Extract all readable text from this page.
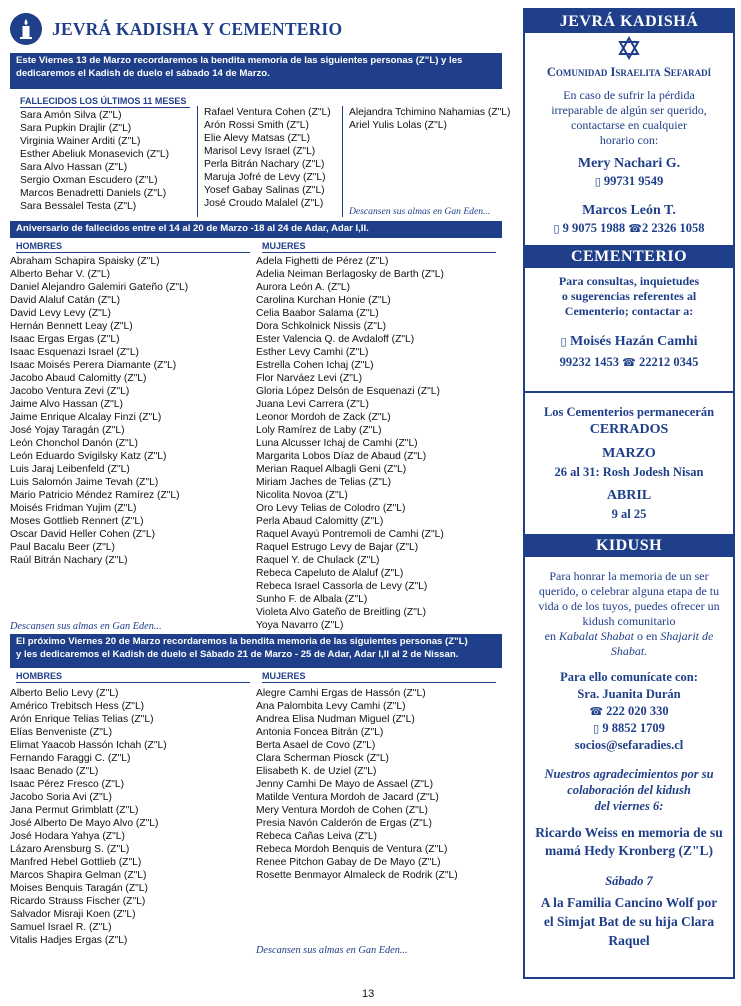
JEVRÁ KADISHA Y CEMENTERIO
Este Viernes 13 de Marzo recordaremos la bendita memoria de las siguientes personas (Z"L) y les
dedicaremos el Kadish de duelo el sábado 14 de Marzo.
FALLECIDOS LOS ÚLTIMOS 11 MESES
Sara Amón Silva (Z"L)
Sara Pupkin Drajlir (Z"L)
Virginia Wainer Arditi (Z"L)
Esther Abeliuk Monasevich (Z"L)
Sara Alvo Hassan (Z"L)
Sergio Oxman Escudero (Z"L)
Marcos Benadretti Daniels (Z"L)
Sara Bessalel Testa (Z"L)
Rafael Ventura Cohen (Z"L)
Arón Rossi Smith (Z"L)
Elie Alevy Matsas (Z"L)
Marisol Levy Israel (Z"L)
Perla Bitrán Nachary (Z"L)
Maruja Jofré de Levy (Z"L)
Yosef Gabay Salinas (Z"L)
José Croudo Malalel (Z"L)
Alejandra Tchimino Nahamias (Z"L)
Ariel Yulis Lolas (Z"L)
Descansen sus almas en Gan Eden...
Aniversario de fallecidos entre el 14 al 20 de Marzo -18 al 24 de Adar, Adar I,II.
HOMBRES
Abraham Schapira Spaisky (Z"L)
Alberto Behar V. (Z"L)
Daniel Alejandro Galemiri Gateño (Z"L)
David Alaluf Catán (Z"L)
David Levy Levy (Z"L)
Hernán Bennett Leay (Z"L)
Isaac Ergas Ergas (Z"L)
Isaac Esquenazi Israel (Z"L)
Isaac Moisés Perera Diamante (Z"L)
Jacobo Abaud Calomitty (Z"L)
Jacobo Ventura Zevi (Z"L)
Jaime Alvo Hassan (Z"L)
Jaime Enrique Alcalay Finzi (Z"L)
José Yojay Taragán (Z"L)
León Chonchol Danón (Z"L)
León Eduardo Svigilsky Katz (Z"L)
Luis Jaraj Leibenfeld (Z"L)
Luis Salomón Jaime Tevah (Z"L)
Mario Patricio Méndez Ramírez (Z"L)
Moisés Fridman Yujim (Z"L)
Moses Gottlieb Rennert (Z"L)
Oscar David Heller Cohen (Z"L)
Paul Bacalu Beer (Z"L)
Raúl Bitrán Nachary (Z"L)
Descansen sus almas en Gan Eden...
MUJERES
Adela Fighetti de Pérez (Z"L)
Adelia Neiman Berlagosky de Barth (Z"L)
Aurora León A. (Z"L)
Carolina Kurchan Honie (Z"L)
Celia Baabor Salama (Z"L)
Dora Schkolnick Nissis (Z"L)
Ester Valencia Q. de Avdaloff (Z"L)
Esther Levy Camhi (Z"L)
Estrella Cohen Ichaj (Z"L)
Flor Narváez Levi (Z"L)
Gloria López Delsón de Esquenazi (Z"L)
Juana Levi Carrera (Z"L)
Leonor Mordoh de Zack (Z"L)
Loly Ramírez de Laby (Z"L)
Luna Alcusser Ichaj de Camhi (Z"L)
Margarita Lobos Díaz de Abaud (Z"L)
Merian Raquel Albagli Geni (Z"L)
Miriam Jaches de Telias (Z"L)
Nicolita Novoa (Z"L)
Oro Levy Telias de Colodro (Z"L)
Perla Abaud Calomitty (Z"L)
Raquel Avayú Pontremoli de Camhi (Z"L)
Raquel Estrugo Levy de Bajar (Z"L)
Raquel Y. de Chulack (Z"L)
Rebeca Capeluto de Alaluf (Z"L)
Rebeca Israel Cassorla de Levy (Z"L)
Sunho F. de Albala (Z"L)
Violeta Alvo Gateño de Breitling (Z"L)
Yoya Navarro (Z"L)
El próximo Viernes 20 de Marzo recordaremos la bendita memoria de las siguientes personas (Z"L)
y les dedicaremos el Kadish de duelo el Sábado 21 de Marzo - 25 de Adar, Adar I,II al 2 de Nissan.
HOMBRES
Alberto Belio Levy (Z"L)
Américo Trebitsch Hess (Z"L)
Arón Enrique Telias Telias (Z"L)
Elías Benveniste (Z"L)
Elimat Yaacob Hassón Ichah (Z"L)
Fernando Faraggi C. (Z"L)
Isaac Benado (Z"L)
Isaac Pérez Fresco (Z"L)
Jacobo Soria Avi (Z"L)
Jana Permut Grimblatt (Z"L)
José Alberto De Mayo Alvo (Z"L)
José Hodara Yahya (Z"L)
Lázaro Arensburg S. (Z"L)
Manfred Hebel Gottlieb (Z"L)
Marcos Shapira Gelman (Z"L)
Moises Benquis Taragán (Z"L)
Ricardo Strauss Fischer (Z"L)
Salvador Misraji Koen (Z"L)
Samuel Israel R. (Z"L)
Vitalis Hadjes Ergas (Z"L)
MUJERES
Alegre Camhi Ergas de Hassón (Z"L)
Ana Palombita Levy Camhi (Z"L)
Andrea Elisa Nudman Miguel (Z"L)
Antonia Foncea Bitrán (Z"L)
Berta Asael de Covo (Z"L)
Clara Scherman Piosck (Z"L)
Elisabeth K. de Uziel (Z"L)
Jenny Camhi De Mayo de Assael (Z"L)
Matilde Ventura Mordoh de Jacard (Z"L)
Mery Ventura Mordoh de Cohen (Z"L)
Presia Navón Calderón de Ergas (Z"L)
Rebeca Cañas Leiva (Z"L)
Rebeca Mordoh Benquis de Ventura (Z"L)
Renee Pitchon Gabay de De Mayo (Z"L)
Rosette Benmayor Almaleck de Rodrik (Z"L)
Descansen sus almas en Gan Eden...
13
JEVRÁ KADISHÁ
Comunidad Israelita Sefaradí
En caso de sufrir la pérdida
irreparable de algún ser querido,
contactarse en cualquier
horario con:
Mery Nachari G.
▯ 99731 9549
Marcos León T.
▯ 9 9075 1988 ☎2 2326 1058
CEMENTERIO
Para consultas, inquietudes
o sugerencias referentes al
Cementerio; contactar a:
▯ Moisés Hazán Camhi
99232 1453 ☎ 22212 0345
Los Cementerios permanecerán
CERRADOS
MARZO
26 al 31: Rosh Jodesh Nisan
ABRIL
9 al 25
KIDUSH
Para honrar la memoria de un ser
querido, o celebrar alguna etapa de tu
vida o de los tuyos, puedes ofrecer un
kidush comunitario
en Kabalat Shabat o en Shajarit de
Shabat.
Para ello comunícate con:
Sra. Juanita Durán
☎ 222 020 330
▯ 9 8852 1709
socios@sefaradies.cl
Nuestros agradecimientos por su
colaboración del kidush
del viernes 6:
Ricardo Weiss en memoria de su
mamá Hedy Kronberg (Z"L)
Sábado 7
A la Familia Cancino Wolf por
el Simjat Bat de su hija Clara
Raquel
